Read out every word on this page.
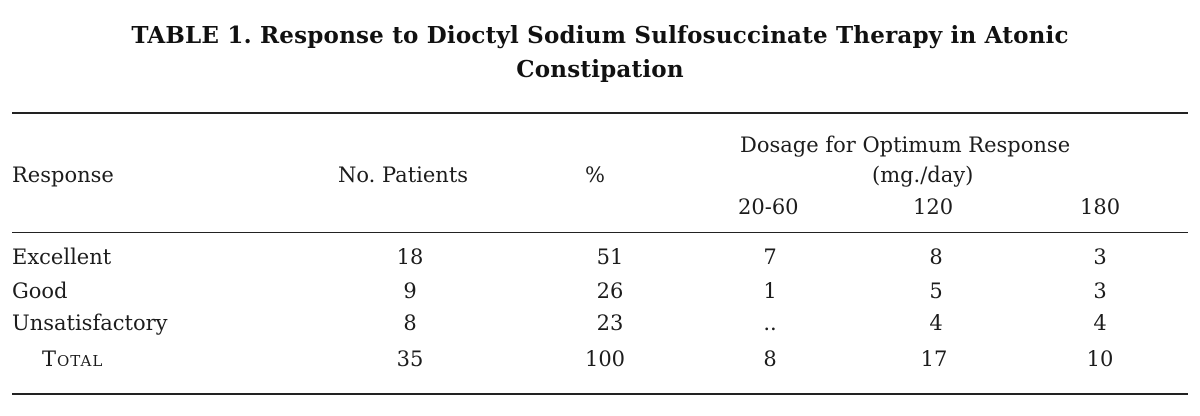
TABLE 1. Response to Dioctyl Sodium Sulfosuccinate Therapy in Atonic
Constipation
Response	No. Patients	%
Dosage for Optimum Response
(mg./day)
20-60	120	180
Excellent	18	51	7	8	3
Good	9	26	1	5	3
Unsatisfactory	8	23	..	4	4
Total	35	100	8	17	10
